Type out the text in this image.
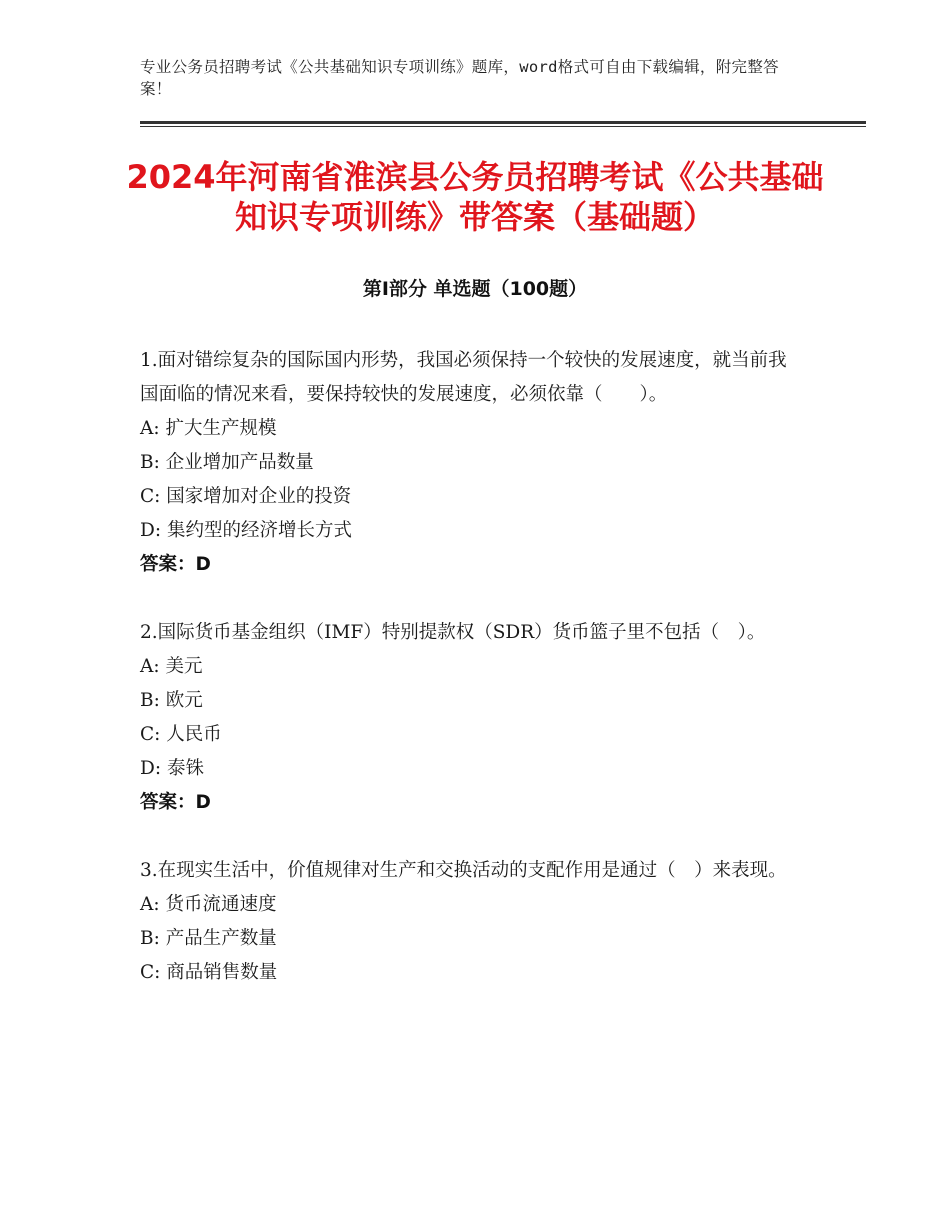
专业公务员招聘考试《公共基础知识专项训练》题库，word格式可自由下载编辑，附完整答案！
2024年河南省淮滨县公务员招聘考试《公共基础知识专项训练》带答案（基础题）
第Ⅰ部分 单选题（100题）

1.面对错综复杂的国际国内形势，我国必须保持一个较快的发展速度，就当前我国面临的情况来看，要保持较快的发展速度，必须依靠（　　）。

A: 扩大生产规模
B: 企业增加产品数量
C: 国家增加对企业的投资
D: 集约型的经济增长方式
答案：D

2.国际货币基金组织（IMF）特别提款权（SDR）货币篮子里不包括（　）。

A: 美元
B: 欧元
C: 人民币
D: 泰铢
答案：D

3.在现实生活中，价值规律对生产和交换活动的支配作用是通过（　）来表现。

A: 货币流通速度
B: 产品生产数量
C: 商品销售数量
